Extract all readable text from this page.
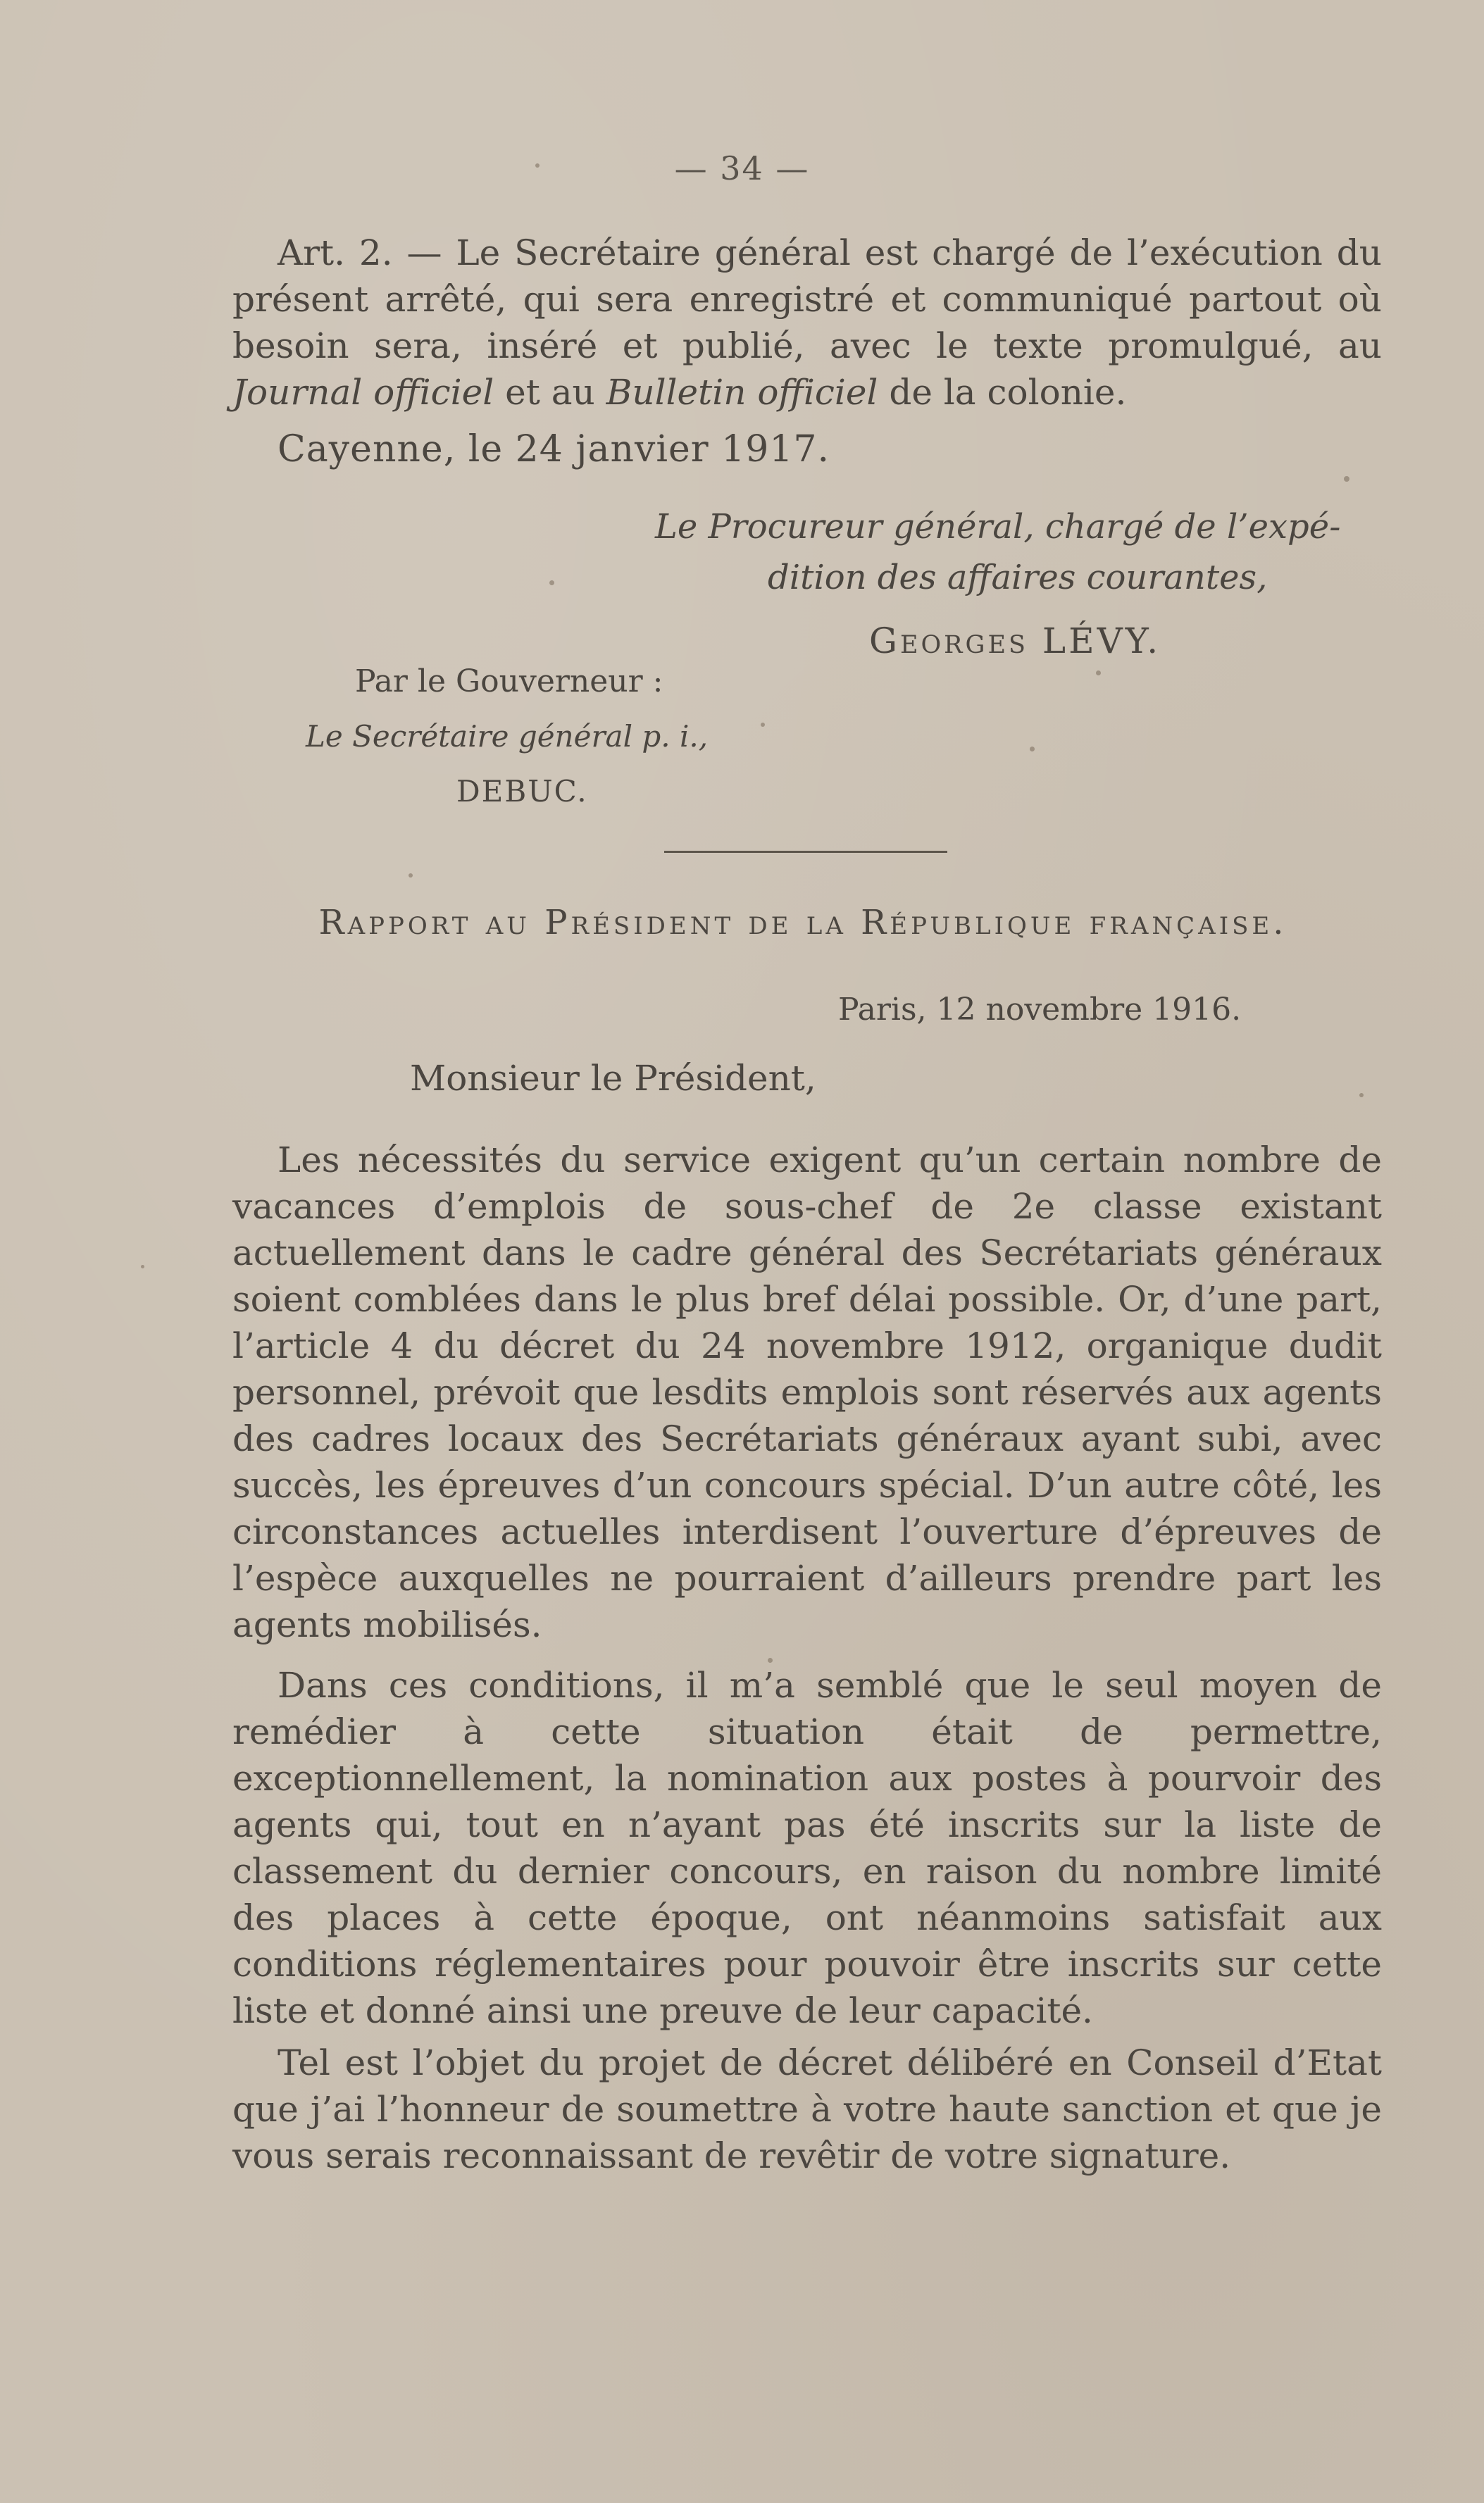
— 34 —

Art. 2. — Le Secrétaire général est chargé de l’exécution du présent arrêté, qui sera enregistré et communiqué partout où besoin sera, inséré et publié, avec le texte promulgué, au Journal officiel et au Bulletin officiel de la colonie.

Cayenne, le 24 janvier 1917.
Le Procureur général, chargé de l’expé-
dition des affaires courantes,
Georges LÉVY.
Par le Gouverneur :
Le Secrétaire général p. i.,
DEBUC.
Rapport au Président de la République française.
Paris, 12 novembre 1916.
Monsieur le Président,

Les nécessités du service exigent qu’un certain nombre de vacances d’emplois de sous-chef de 2e classe existant actuellement dans le cadre général des Secrétariats généraux soient comblées dans le plus bref délai possible. Or, d’une part, l’article 4 du décret du 24 novembre 1912, organique dudit personnel, prévoit que lesdits emplois sont réservés aux agents des cadres locaux des Secrétariats généraux ayant subi, avec succès, les épreuves d’un concours spécial. D’un autre côté, les circonstances actuelles interdisent l’ouverture d’épreuves de l’espèce auxquelles ne pourraient d’ailleurs prendre part les agents mobilisés.

Dans ces conditions, il m’a semblé que le seul moyen de remédier à cette situation était de permettre, exceptionnellement, la nomination aux postes à pourvoir des agents qui, tout en n’ayant pas été inscrits sur la liste de classement du dernier concours, en raison du nombre limité des places à cette époque, ont néanmoins satisfait aux conditions réglementaires pour pouvoir être inscrits sur cette liste et donné ainsi une preuve de leur capacité.

Tel est l’objet du projet de décret délibéré en Conseil d’Etat que j’ai l’honneur de soumettre à votre haute sanction et que je vous serais reconnaissant de revêtir de votre signature.
